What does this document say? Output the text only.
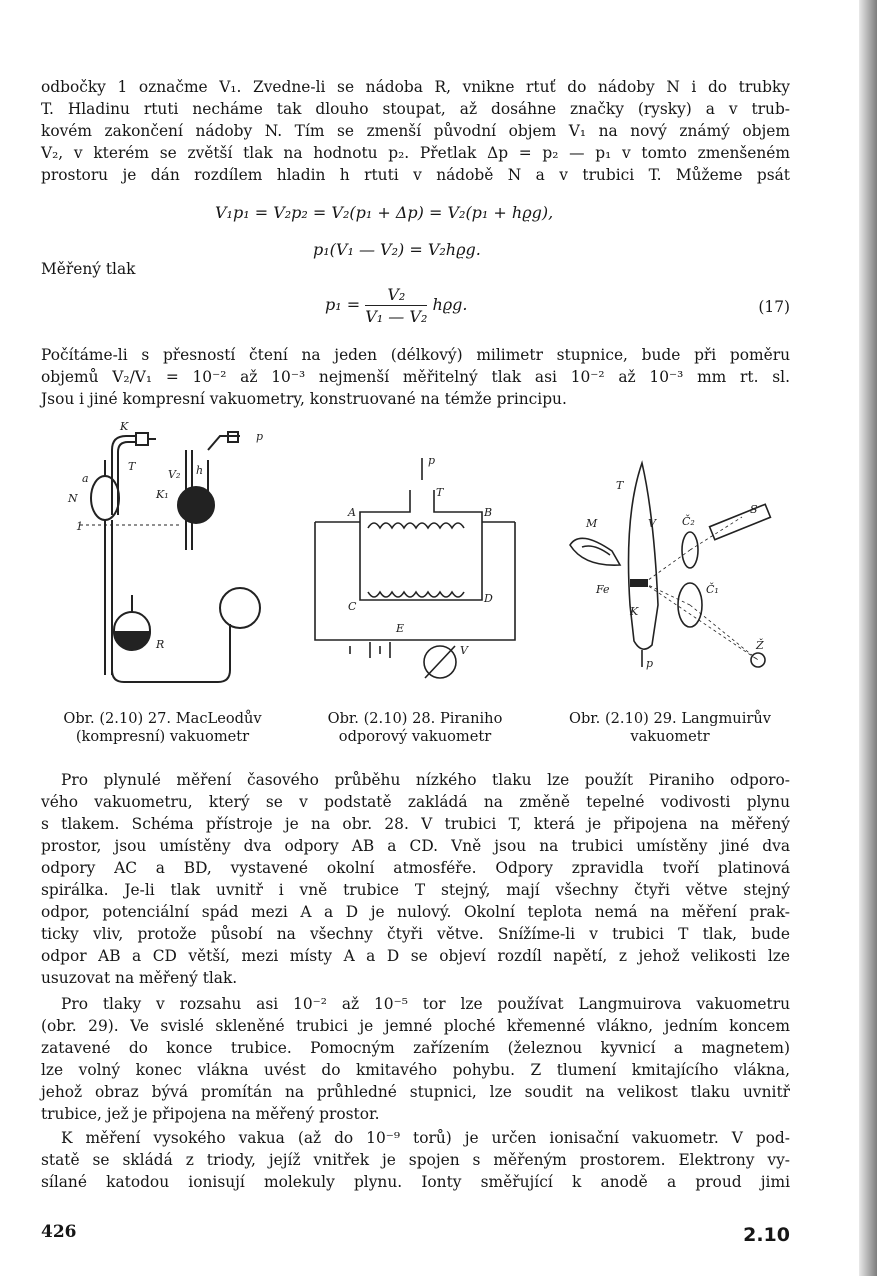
odbočky 1 označme V₁. Zvedne-li se nádoba R, vnikne rtuť do nádoby N i do trubky
T. Hladinu rtuti necháme tak dlouho stoupat, až dosáhne značky (rysky) a v trub-
kovém zakončení nádoby N. Tím se zmenší původní objem V₁ na nový známý objem
V₂, v kterém se zvětší tlak na hodnotu p₂. Přetlak Δp = p₂ — p₁ v tomto zmenšeném
prostoru je dán rozdílem hladin h rtuti v nádobě N a v trubici T. Můžeme psát
V₁p₁ = V₂p₂ = V₂(p₁ + Δp) = V₂(p₁ + hϱg),
p₁(V₁ — V₂) = V₂hϱg.
Měřený tlak
$p_1 = \frac{\text{V₂}}{\text{V₁ — V₂}} hϱg$.	(17)
Počítáme-li s přesností čtení na jeden (délkový) milimetr stupnice, bude při poměru
objemů V₂/V₁ = 10⁻² až 10⁻³ nejmenší měřitelný tlak asi 10⁻² až 10⁻³ mm rt. sl.
Jsou i jiné kompresní vakuometry, konstruované na témže principu.
K
T
a
N
1
V₂ h
K₁
p
R
Obr. (2.10) 27. MacLeodův
(kompresní) vakuometr
p
T
A	B
C
D
E
V
Obr. (2.10) 28. Piraniho
odporový vakuometr
T
M	V Č₂
S
Č₁
Fe
K
Ž
p
Obr. (2.10) 29. Langmuirův
vakuometr
Pro plynulé měření časového průběhu nízkého tlaku lze použít Piraniho odporo-
vého vakuometru, který se v podstatě zakládá na změně tepelné vodivosti plynu
s tlakem. Schéma přístroje je na obr. 28. V trubici T, která je připojena na měřený
prostor, jsou umístěny dva odpory AB a CD. Vně jsou na trubici umístěny jiné dva
odpory AC a BD, vystavené okolní atmosféře. Odpory zpravidla tvoří platinová
spirálka. Je-li tlak uvnitř i vně trubice T stejný, mají všechny čtyři větve stejný
odpor, potenciální spád mezi A a D je nulový. Okolní teplota nemá na měření prak-
ticky vliv, protože působí na všechny čtyři větve. Snížíme-li v trubici T tlak, bude
odpor AB a CD větší, mezi místy A a D se objeví rozdíl napětí, z jehož velikosti lze
usuzovat na měřený tlak.
Pro tlaky v rozsahu asi 10⁻² až 10⁻⁵ tor lze používat Langmuirova vakuometru
(obr. 29). Ve svislé skleněné trubici je jemné ploché křemenné vlákno, jedním koncem
zatavené do konce trubice. Pomocným zařízením (železnou kyvnicí a magnetem)
lze volný konec vlákna uvést do kmitavého pohybu. Z tlumení kmitajícího vlákna,
jehož obraz bývá promítán na průhledné stupnici, lze soudit na velikost tlaku uvnitř
trubice, jež je připojena na měřený prostor.
K měření vysokého vakua (až do 10⁻⁹ torů) je určen ionisační vakuometr. V pod-
statě se skládá z triody, jejíž vnitřek je spojen s měřeným prostorem. Elektrony vy-
sílané katodou ionisují molekuly plynu. Ionty směřující k anodě a proud jimi
426	2.10
